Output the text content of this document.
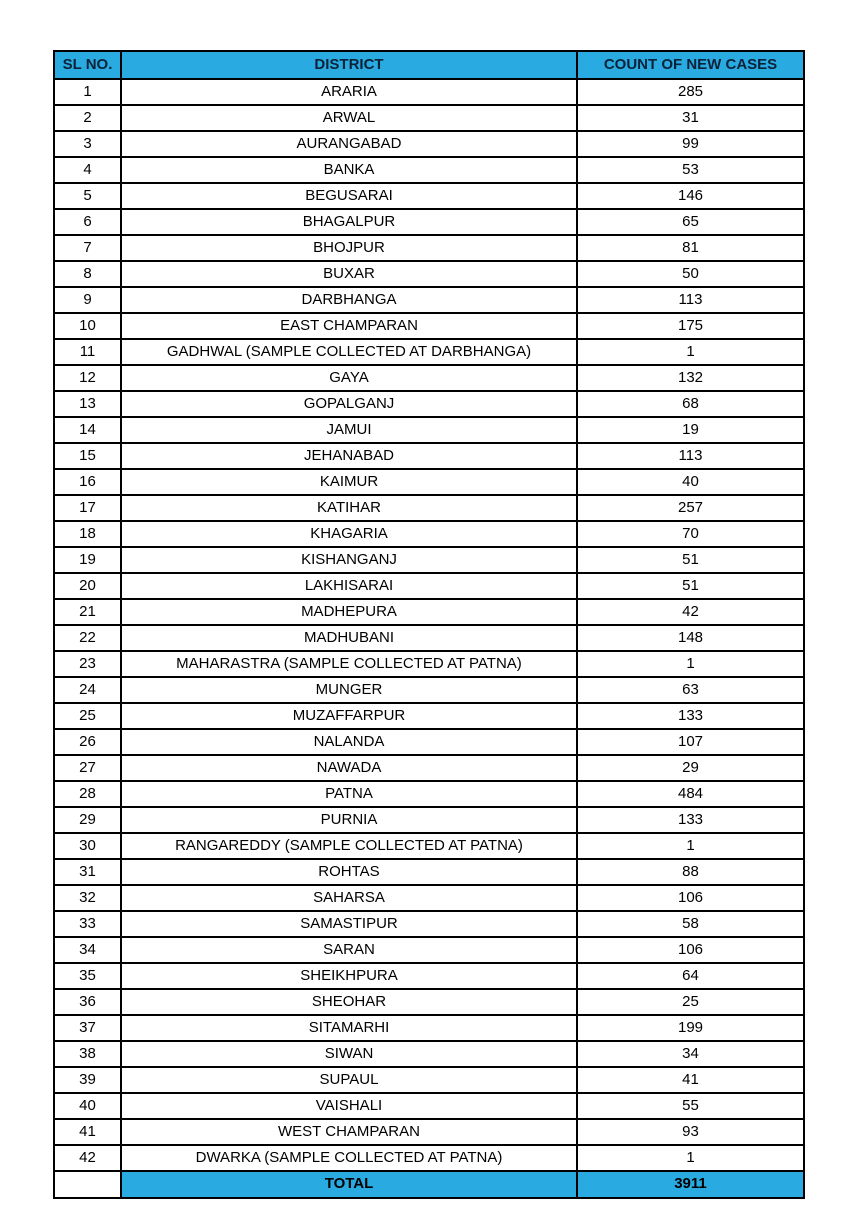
SL NO.	DISTRICT	COUNT OF NEW CASES
1	ARARIA	285
2	ARWAL	31
3	AURANGABAD	99
4	BANKA	53
5	BEGUSARAI	146
6	BHAGALPUR	65
7	BHOJPUR	81
8	BUXAR	50
9	DARBHANGA	113
10	EAST CHAMPARAN	175
11	GADHWAL (SAMPLE COLLECTED AT DARBHANGA)	1
12	GAYA	132
13	GOPALGANJ	68
14	JAMUI	19
15	JEHANABAD	113
16	KAIMUR	40
17	KATIHAR	257
18	KHAGARIA	70
19	KISHANGANJ	51
20	LAKHISARAI	51
21	MADHEPURA	42
22	MADHUBANI	148
23	MAHARASTRA (SAMPLE COLLECTED AT PATNA)	1
24	MUNGER	63
25	MUZAFFARPUR	133
26	NALANDA	107
27	NAWADA	29
28	PATNA	484
29	PURNIA	133
30	RANGAREDDY (SAMPLE COLLECTED AT PATNA)	1
31	ROHTAS	88
32	SAHARSA	106
33	SAMASTIPUR	58
34	SARAN	106
35	SHEIKHPURA	64
36	SHEOHAR	25
37	SITAMARHI	199
38	SIWAN	34
39	SUPAUL	41
40	VAISHALI	55
41	WEST CHAMPARAN	93
42	DWARKA (SAMPLE COLLECTED AT PATNA)	1
	TOTAL	3911
